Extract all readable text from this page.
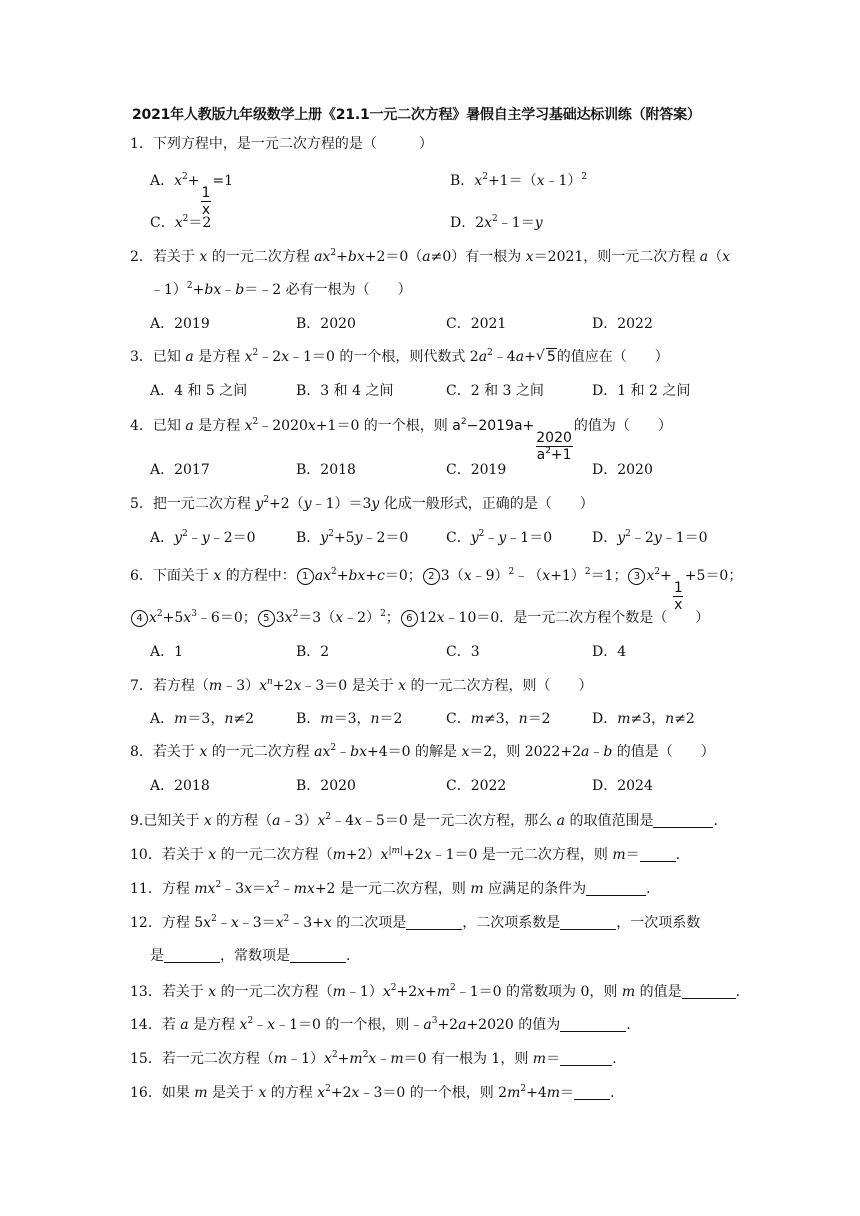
2021年人教版九年级数学上册《21.1一元二次方程》暑假自主学习基础达标训练（附答案）
1．下列方程中，是一元二次方程的是（　　　）
A．$x^2+$
$\frac{1}{x}$
=1	B．$x^2+1=(x﹣1)^2$
C．$x^2=2$	D．$2x^2﹣1=y$
2．若关于 x 的一元二次方程 $ax^2+bx+2=0(a\ne 0)$有一根为 x＝2021，则一元二次方程 a（x
﹣1）$^2$+bx﹣b＝﹣2 必有一根为（　　）
A．2019	B．2020	C．2021	D．2022
3．已知 a 是方程 $x^2﹣2x﹣1=0$ 的一个根，则代数式 $2a^2﹣4a+√$ 5的值应在（　　）
A．4 和 5 之间	B．3 和 4 之间	C．2 和 3 之间	D．1 和 2 之间
4．已知 a 是方程 $x^2﹣2020x+1=0$ 的一个根，则 $a^2-2019a+$
$\frac{2020}{a^2+1}$
的值为（　　）
A．2017	B．2018	C．2019	D．2020
5．把一元二次方程 $y^2+2(y﹣1)=3y$ 化成一般形式，正确的是（　　）
A．$y^2﹣y﹣2=0$	B．$y^2+5y﹣2=0$	C．$y^2﹣y﹣1=0$	D．$y^2﹣2y﹣1=0$
6．下面关于 x 的方程中： 1 $ax^2+bx+c=0$； 2 $3(x﹣9)^2﹣(x+1)^2=1$； 3 $x^2+$
$\frac{1}{x}$
+5＝0；
4 $x^2+5x^3﹣6=0$； 5 $3x^2=3(x﹣2)^2$； 6 12x﹣10＝0．是一元二次方程个数是（　　）
A．1	B．2	C．3	D．4
7．若方程$(m﹣3)x^n+2x﹣3=0$ 是关于 x 的一元二次方程，则（　　）
A．m＝3，n≠2	B．m＝3，n＝2	C．m≠3，n＝2	D．m≠3，n≠2
8．若关于 x 的一元二次方程 $ax^2﹣bx+4=0$ 的解是 x＝2，则 2022+2a﹣b 的值是（　　）
A．2018	B．2020	C．2022	D．2024
9.已知关于 x 的方程$(a﹣3)x^2﹣4x﹣5=0$ 是一元二次方程，那么 a 的取值范围是	.
10．若关于 x 的一元二次方程$(m+2)x^{|m|}+2x﹣1=0$ 是一元二次方程，则 m＝	.
11．方程 $mx^2﹣3x=x^2﹣mx+2$ 是一元二次方程，则 m 应满足的条件为	.
12．方程 $5x^2﹣x﹣3=x^2﹣3+x$ 的二次项是	，二次项系数是	，一次项系数
是	，常数项是	.
13．若关于 x 的一元二次方程$(m﹣1)x^2+2x+m^2﹣1=0$ 的常数项为 0，则 m 的值是	.
14．若 a 是方程 $x^2﹣x﹣1=0$ 的一个根，则$﹣a^3+2a+2020$ 的值为	.
15．若一元二次方程$(m﹣1)x^2+m^2x﹣m=0$ 有一根为 1，则 m＝	.
16．如果 m 是关于 x 的方程 $x^2+2x﹣3=0$ 的一个根，则 $2m^2+4m=$	.
